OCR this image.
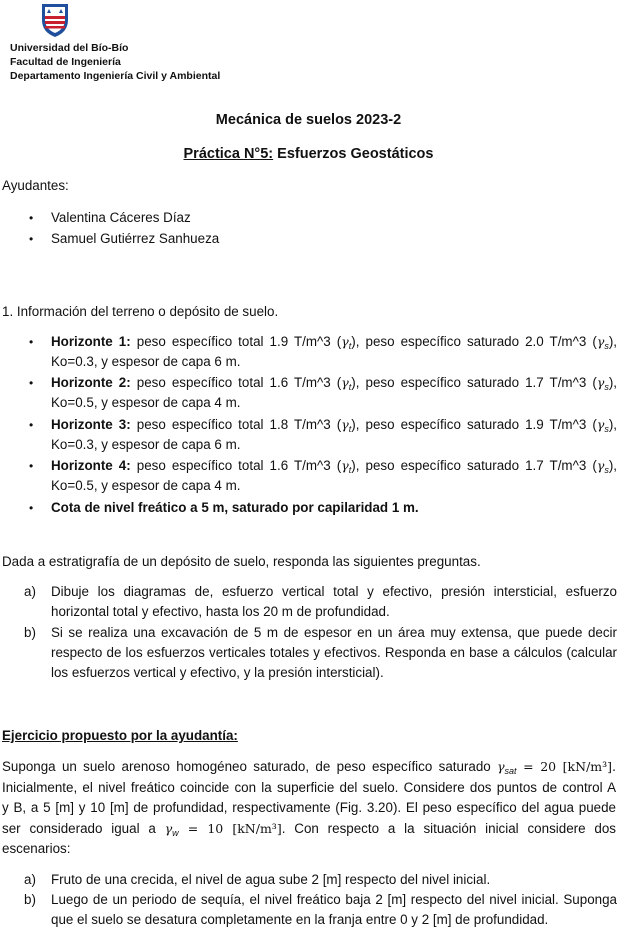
Universidad del Bío-Bío
Facultad de Ingeniería
Departamento Ingeniería Civil y Ambiental
Mecánica de suelos 2023-2
Práctica N°5: Esfuerzos Geostáticos
Ayudantes:
• Valentina Cáceres Díaz
• Samuel Gutiérrez Sanhueza
1. Información del terreno o depósito de suelo.
• Horizonte 1: peso específico total 1.9 T/m^3 $(\gamma_t)$, peso específico saturado 2.0 T/m^3 $(\gamma_s)$,
Ko=0.3, y espesor de capa 6 m.
• Horizonte 2: peso específico total 1.6 T/m^3 $(\gamma_t)$, peso específico saturado 1.7 T/m^3 $(\gamma_s)$,
Ko=0.5, y espesor de capa 4 m.
• Horizonte 3: peso específico total 1.8 T/m^3 $(\gamma_t)$, peso específico saturado 1.9 T/m^3 $(\gamma_s)$,
Ko=0.3, y espesor de capa 6 m.
• Horizonte 4: peso específico total 1.6 T/m^3 $(\gamma_t)$, peso específico saturado 1.7 T/m^3 $(\gamma_s)$,
Ko=0.5, y espesor de capa 4 m.
• Cota de nivel freático a 5 m, saturado por capilaridad 1 m.
Dada a estratigrafía de un depósito de suelo, responda las siguientes preguntas.
a) Dibuje los diagramas de, esfuerzo vertical total y efectivo, presión intersticial, esfuerzo
horizontal total y efectivo, hasta los 20 m de profundidad.
b) Si se realiza una excavación de 5 m de espesor en un área muy extensa, que puede decir
respecto de los esfuerzos verticales totales y efectivos. Responda en base a cálculos (calcular
los esfuerzos vertical y efectivo, y la presión intersticial).
Ejercicio propuesto por la ayudantía:
Suponga un suelo arenoso homogéneo saturado, de peso específico saturado $\gamma_{sat} = 20$ [kN/m³].
Inicialmente, el nivel freático coincide con la superficie del suelo. Considere dos puntos de control A
y B, a 5 [m] y 10 [m] de profundidad, respectivamente (Fig. 3.20). El peso específico del agua puede
ser considerado igual a $\gamma_w = 10$ [kN/m³]. Con respecto a la situación inicial considere dos
escenarios:
a) Fruto de una crecida, el nivel de agua sube 2 [m] respecto del nivel inicial.
b) Luego de un periodo de sequía, el nivel freático baja 2 [m] respecto del nivel inicial. Suponga
que el suelo se desatura completamente en la franja entre 0 y 2 [m] de profundidad.
